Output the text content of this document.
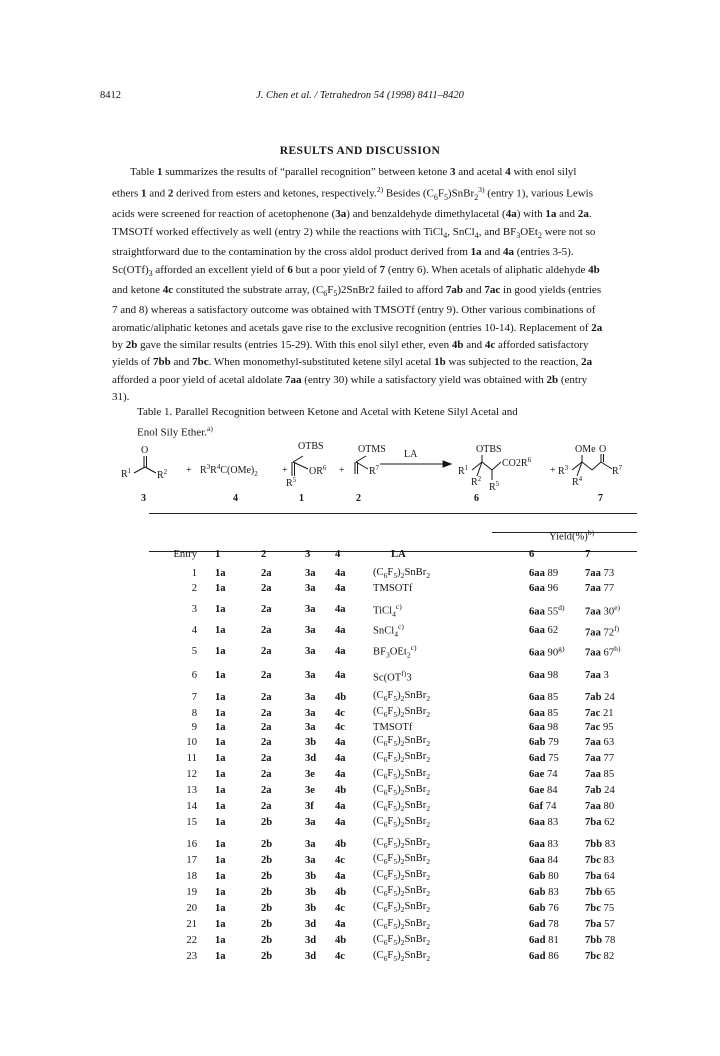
8412	J. Chen et al. / Tetrahedron 54 (1998) 8411–8420
RESULTS AND DISCUSSION
Table 1 summarizes the results of “parallel recognition” between ketone 3 and acetal 4 with enol silyl
ethers 1 and 2 derived from esters and ketones, respectively.$^{2)}$ Besides $(C_6F_5)SnBr_2^{3)}$ (entry 1), various Lewis
acids were screened for reaction of acetophenone (3a) and benzaldehyde dimethylacetal (4a) with 1a and 2a.
TMSOTf worked effectively as well (entry 2) while the reactions with TiCl$_4$, SnCl$_4$, and $BF_3OEt_2$ were not so
straightforward due to the contamination by the cross aldol product derived from 1a and 4a (entries 3-5).
$Sc(OTf)_3$ afforded an excellent yield of 6 but a poor yield of 7 (entry 6). When acetals of aliphatic aldehyde 4b
and ketone 4c constituted the substrate array, $(C_6F_5)2SnBr2$ failed to afford 7ab and 7ac in good yields (entries
7 and 8) whereas a satisfactory outcome was obtained with TMSOTf (entry 9). Other various combinations of
aromatic/aliphatic ketones and acetals gave rise to the exclusive recognition (entries 10-14). Replacement of 2a
by 2b gave the similar results (entries 15-29). With this enol silyl ether, even 4b and 4c afforded satisfactory
yields of 7bb and 7bc. When monomethyl-substituted ketene silyl acetal 1b was subjected to the reaction, 2a
afforded a poor yield of acetal aldolate 7aa (entry 30) while a satisfactory yield was obtained with 2b (entry
31).
Table 1. Parallel Recognition between Ketone and Acetal with Ketene Silyl Acetal and
Enol Sily Ether.$^{a)}$
O
$R^1$	$R^2$
3
+ $R^3R^4C(OMe)_2$
4
+
OTBS
$OR^6$
$R^5$
1
+
OTMS
$R^7$
2
LA	OTBS
$CO2R^6$
$R^1$
$R^2$
$R^5$
6
+
OMe O
$R^3$
$R^4$
$R^7$
7
						Yield(%)$^{b)}$
Entry	1	2	3	4	LA	6	7
1	1a	2a	3a	4a	$(C_6F_5)_2SnBr_2$	6aa 89	7aa 73
2	1a	2a	3a	4a	TMSOTf	6aa 96	7aa 77

3	1a	2a	3a	4a	TiCl$_4^{c)}$	6aa 55$^{d)}$	7aa 30$^{e)}$
4	1a	2a	3a	4a	SnCl$_4^{c)}$	6aa 62	7aa 72$^{f)}$
5	1a	2a	3a	4a	$BF_3OEt_2^{c)}$	6aa 90$^{g)}$	7aa 67$^{h)}$

6	1a	2a	3a	4a	Sc(OT$^{f)}$3	6aa 98	7aa 3

7	1a	2a	3a	4b	$(C_6F_5)_2SnBr_2$	6aa 85	7ab 24
8	1a	2a	3a	4c	$(C_6F_5)_2SnBr_2$	6aa 85	7ac 21
9	1a	2a	3a	4c	TMSOTf	6aa 98	7ac 95
10	1a	2a	3b	4a	$(C_6F_5)_2SnBr_2$	6ab 79	7aa 63
11	1a	2a	3d	4a	$(C_6F_5)_2SnBr_2$	6ad 75	7aa 77
12	1a	2a	3e	4a	$(C_6F_5)_2SnBr_2$	6ae 74	7aa 85
13	1a	2a	3e	4b	$(C_6F_5)_2SnBr_2$	6ae 84	7ab 24
14	1a	2a	3f	4a	$(C_6F_5)_2SnBr_2$	6af 74	7aa 80
15	1a	2b	3a	4a	$(C_6F_5)_2SnBr_2$	6aa 83	7ba 62

16	1a	2b	3a	4b	$(C_6F_5)_2SnBr_2$	6aa 83	7bb 83
17	1a	2b	3a	4c	$(C_6F_5)_2SnBr_2$	6aa 84	7bc 83
18	1a	2b	3b	4a	$(C_6F_5)_2SnBr_2$	6ab 80	7ba 64
19	1a	2b	3b	4b	$(C_6F_5)_2SnBr_2$	6ab 83	7bb 65
20	1a	2b	3b	4c	$(C_6F_5)_2SnBr_2$	6ab 76	7bc 75
21	1a	2b	3d	4a	$(C_6F_5)_2SnBr_2$	6ad 78	7ba 57
22	1a	2b	3d	4b	$(C_6F_5)_2SnBr_2$	6ad 81	7bb 78
23	1a	2b	3d	4c	$(C_6F_5)_2SnBr_2$	6ad 86	7bc 82
